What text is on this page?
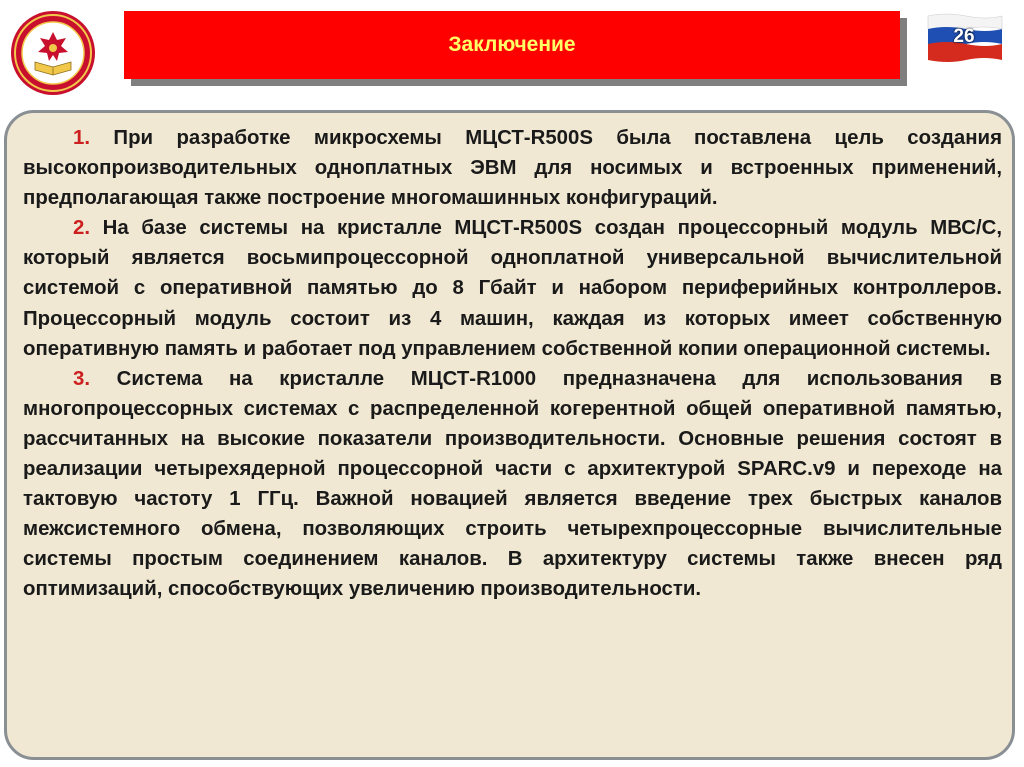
Заключение	26

1. При разработке микросхемы МЦСТ-R500S была поставлена цель создания высокопроизводительных одноплатных ЭВМ для носимых и встроенных применений, предполагающая также построение многомашинных конфигураций.

2. На базе системы на кристалле МЦСТ-R500S создан процессорный модуль МВС/С, который является восьмипроцессорной одноплатной универсальной вычислительной системой с оперативной памятью до 8 Гбайт и набором периферийных контроллеров. Процессорный модуль состоит из 4 машин, каждая из которых имеет собственную оперативную память и работает под управлением собственной копии операционной системы.

3. Система на кристалле МЦСТ-R1000 предназначена для использования в многопроцессорных системах с распределенной когерентной общей оперативной памятью, рассчитанных на высокие показатели производительности. Основные решения состоят в реализации четырехядерной процессорной части с архитектурой SPARC.v9 и переходе на тактовую частоту 1 ГГц. Важной новацией является введение трех быстрых каналов межсистемного обмена, позволяющих строить четырехпроцессорные вычислительные системы простым соединением каналов. В архитектуру системы также внесен ряд оптимизаций, способствующих увеличению производительности.
